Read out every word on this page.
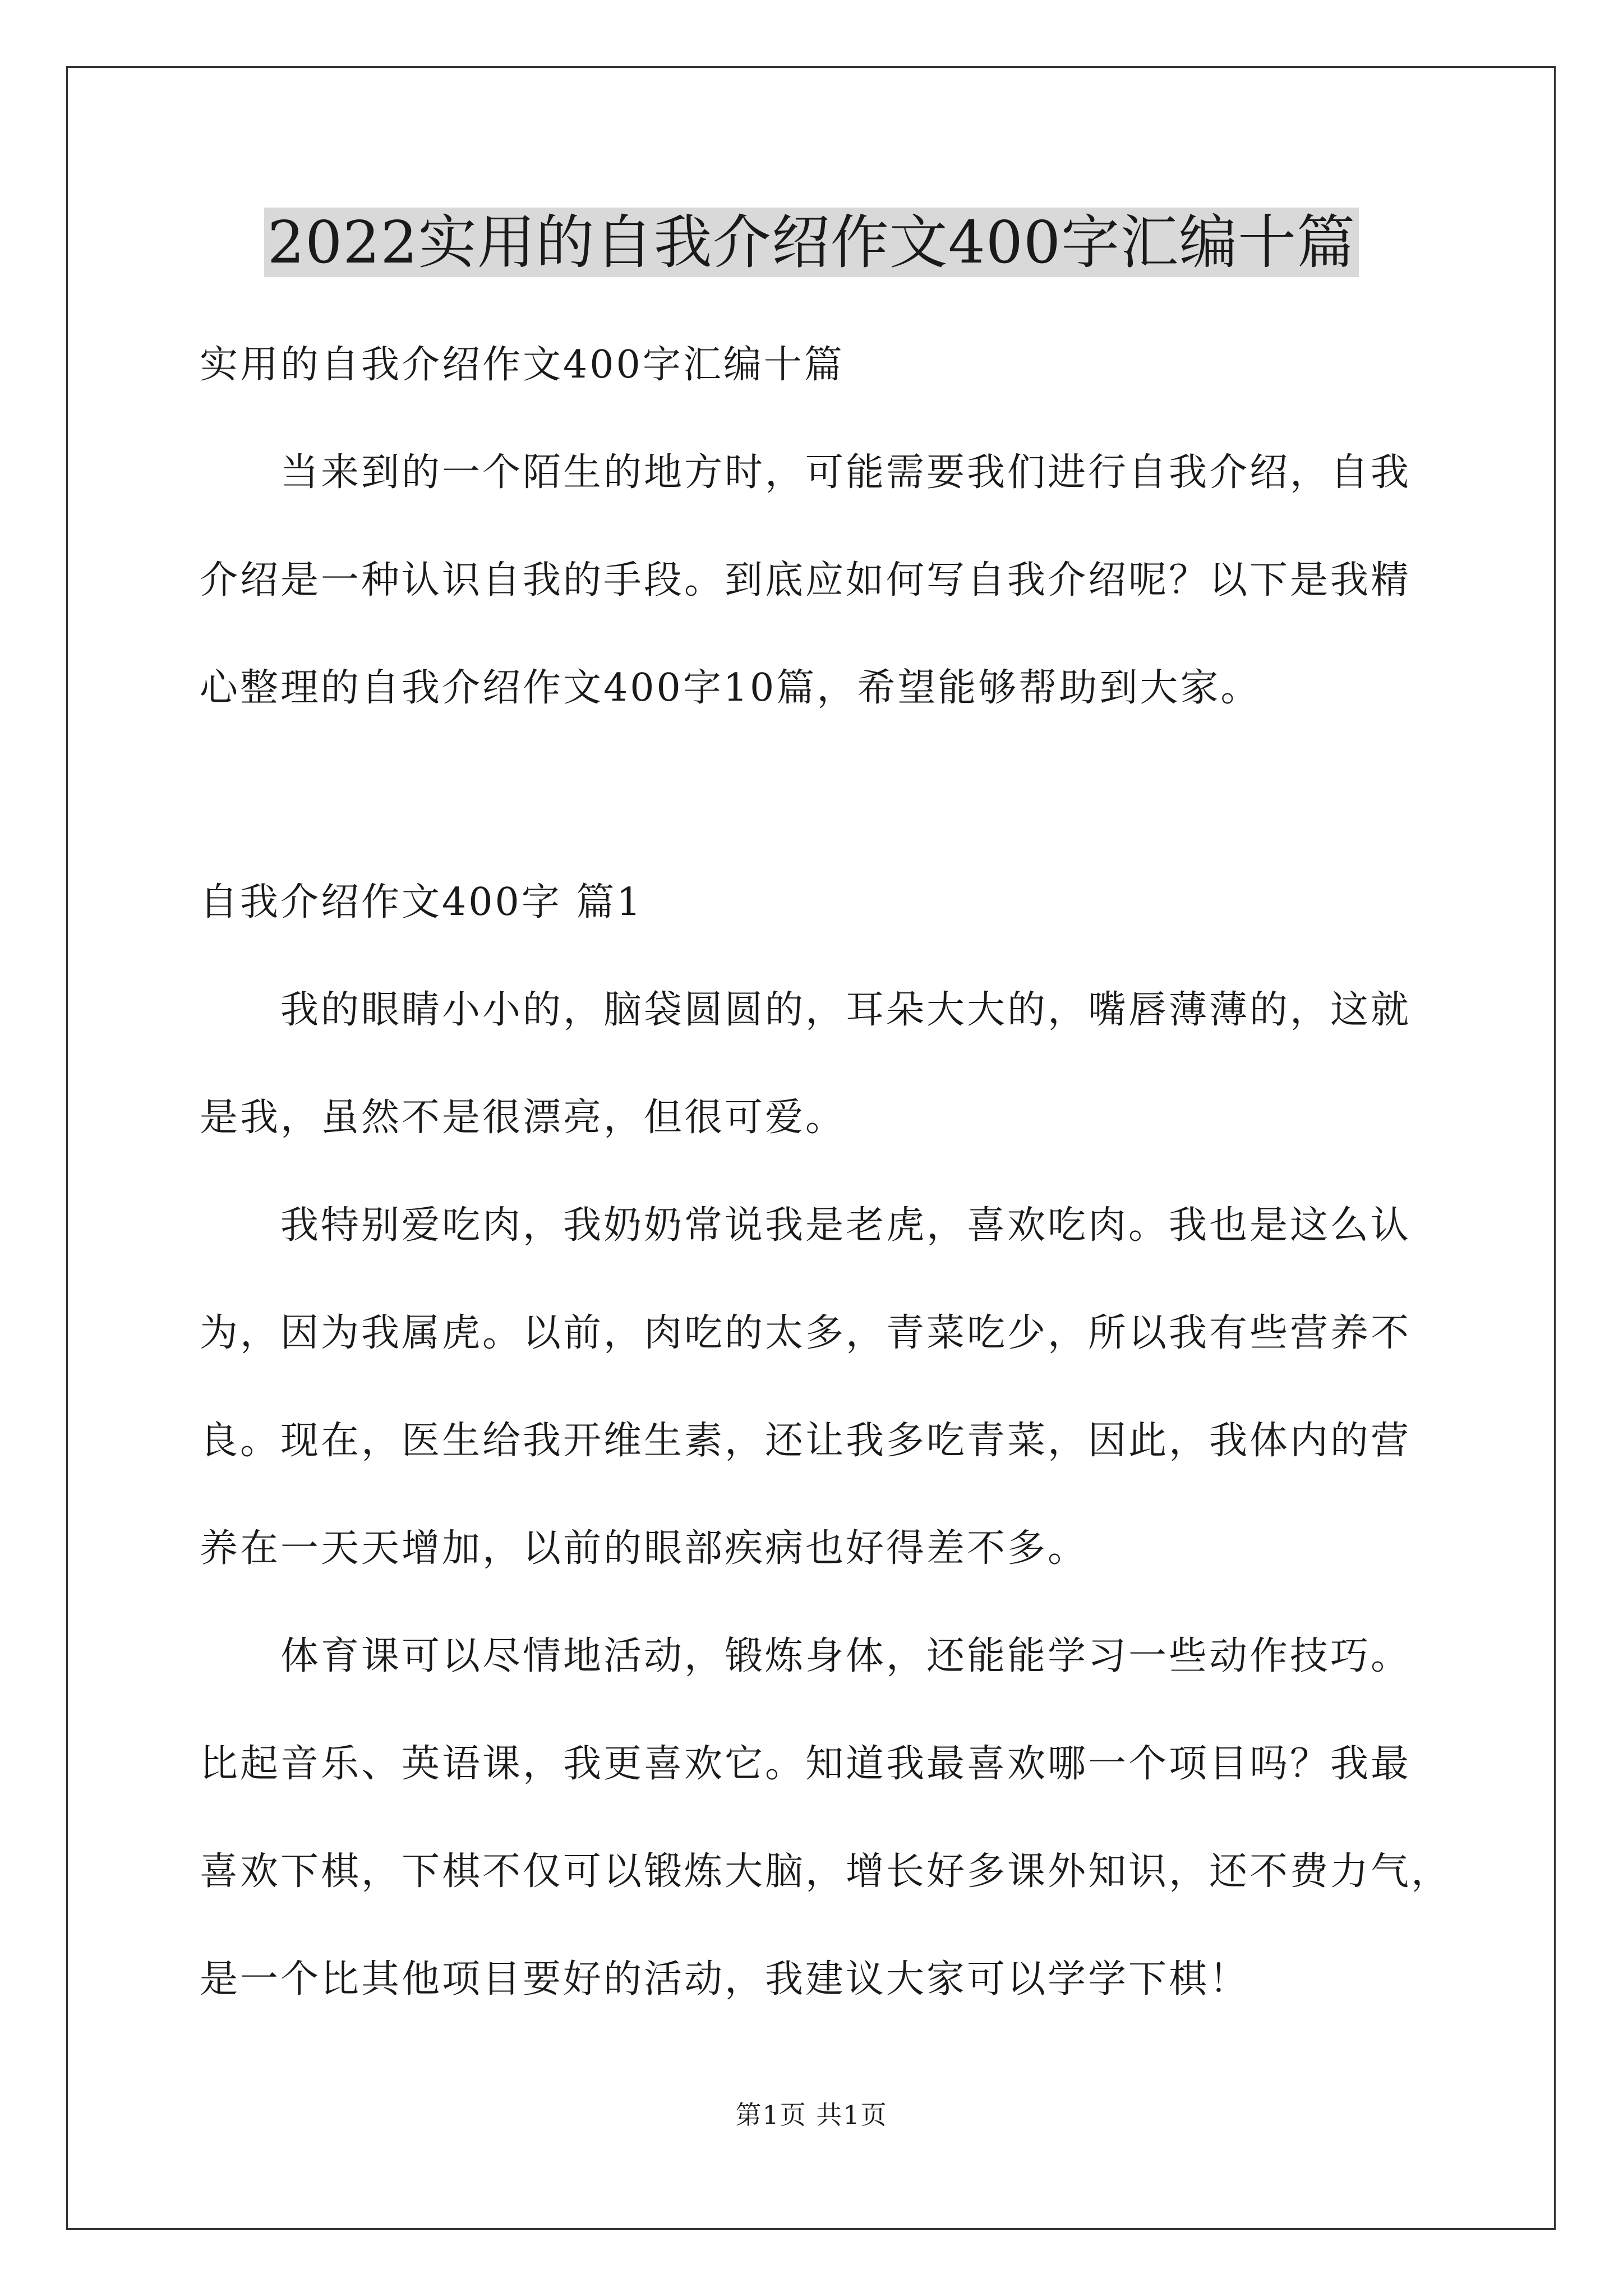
2022实用的自我介绍作文400字汇编十篇
实用的自我介绍作文400字汇编十篇
当来到的一个陌生的地方时，可能需要我们进行自我介绍，自我
介绍是一种认识自我的手段。到底应如何写自我介绍呢？以下是我精
心整理的自我介绍作文400字10篇，希望能够帮助到大家。
自我介绍作文400字 篇1
我的眼睛小小的，脑袋圆圆的，耳朵大大的，嘴唇薄薄的，这就
是我，虽然不是很漂亮，但很可爱。
我特别爱吃肉，我奶奶常说我是老虎，喜欢吃肉。我也是这么认
为，因为我属虎。以前，肉吃的太多，青菜吃少，所以我有些营养不
良。现在，医生给我开维生素，还让我多吃青菜，因此，我体内的营
养在一天天增加，以前的眼部疾病也好得差不多。
体育课可以尽情地活动，锻炼身体，还能能学习一些动作技巧。
比起音乐、英语课，我更喜欢它。知道我最喜欢哪一个项目吗？我最
喜欢下棋，下棋不仅可以锻炼大脑，增长好多课外知识，还不费力气，
是一个比其他项目要好的活动，我建议大家可以学学下棋！
第1页 共1页
